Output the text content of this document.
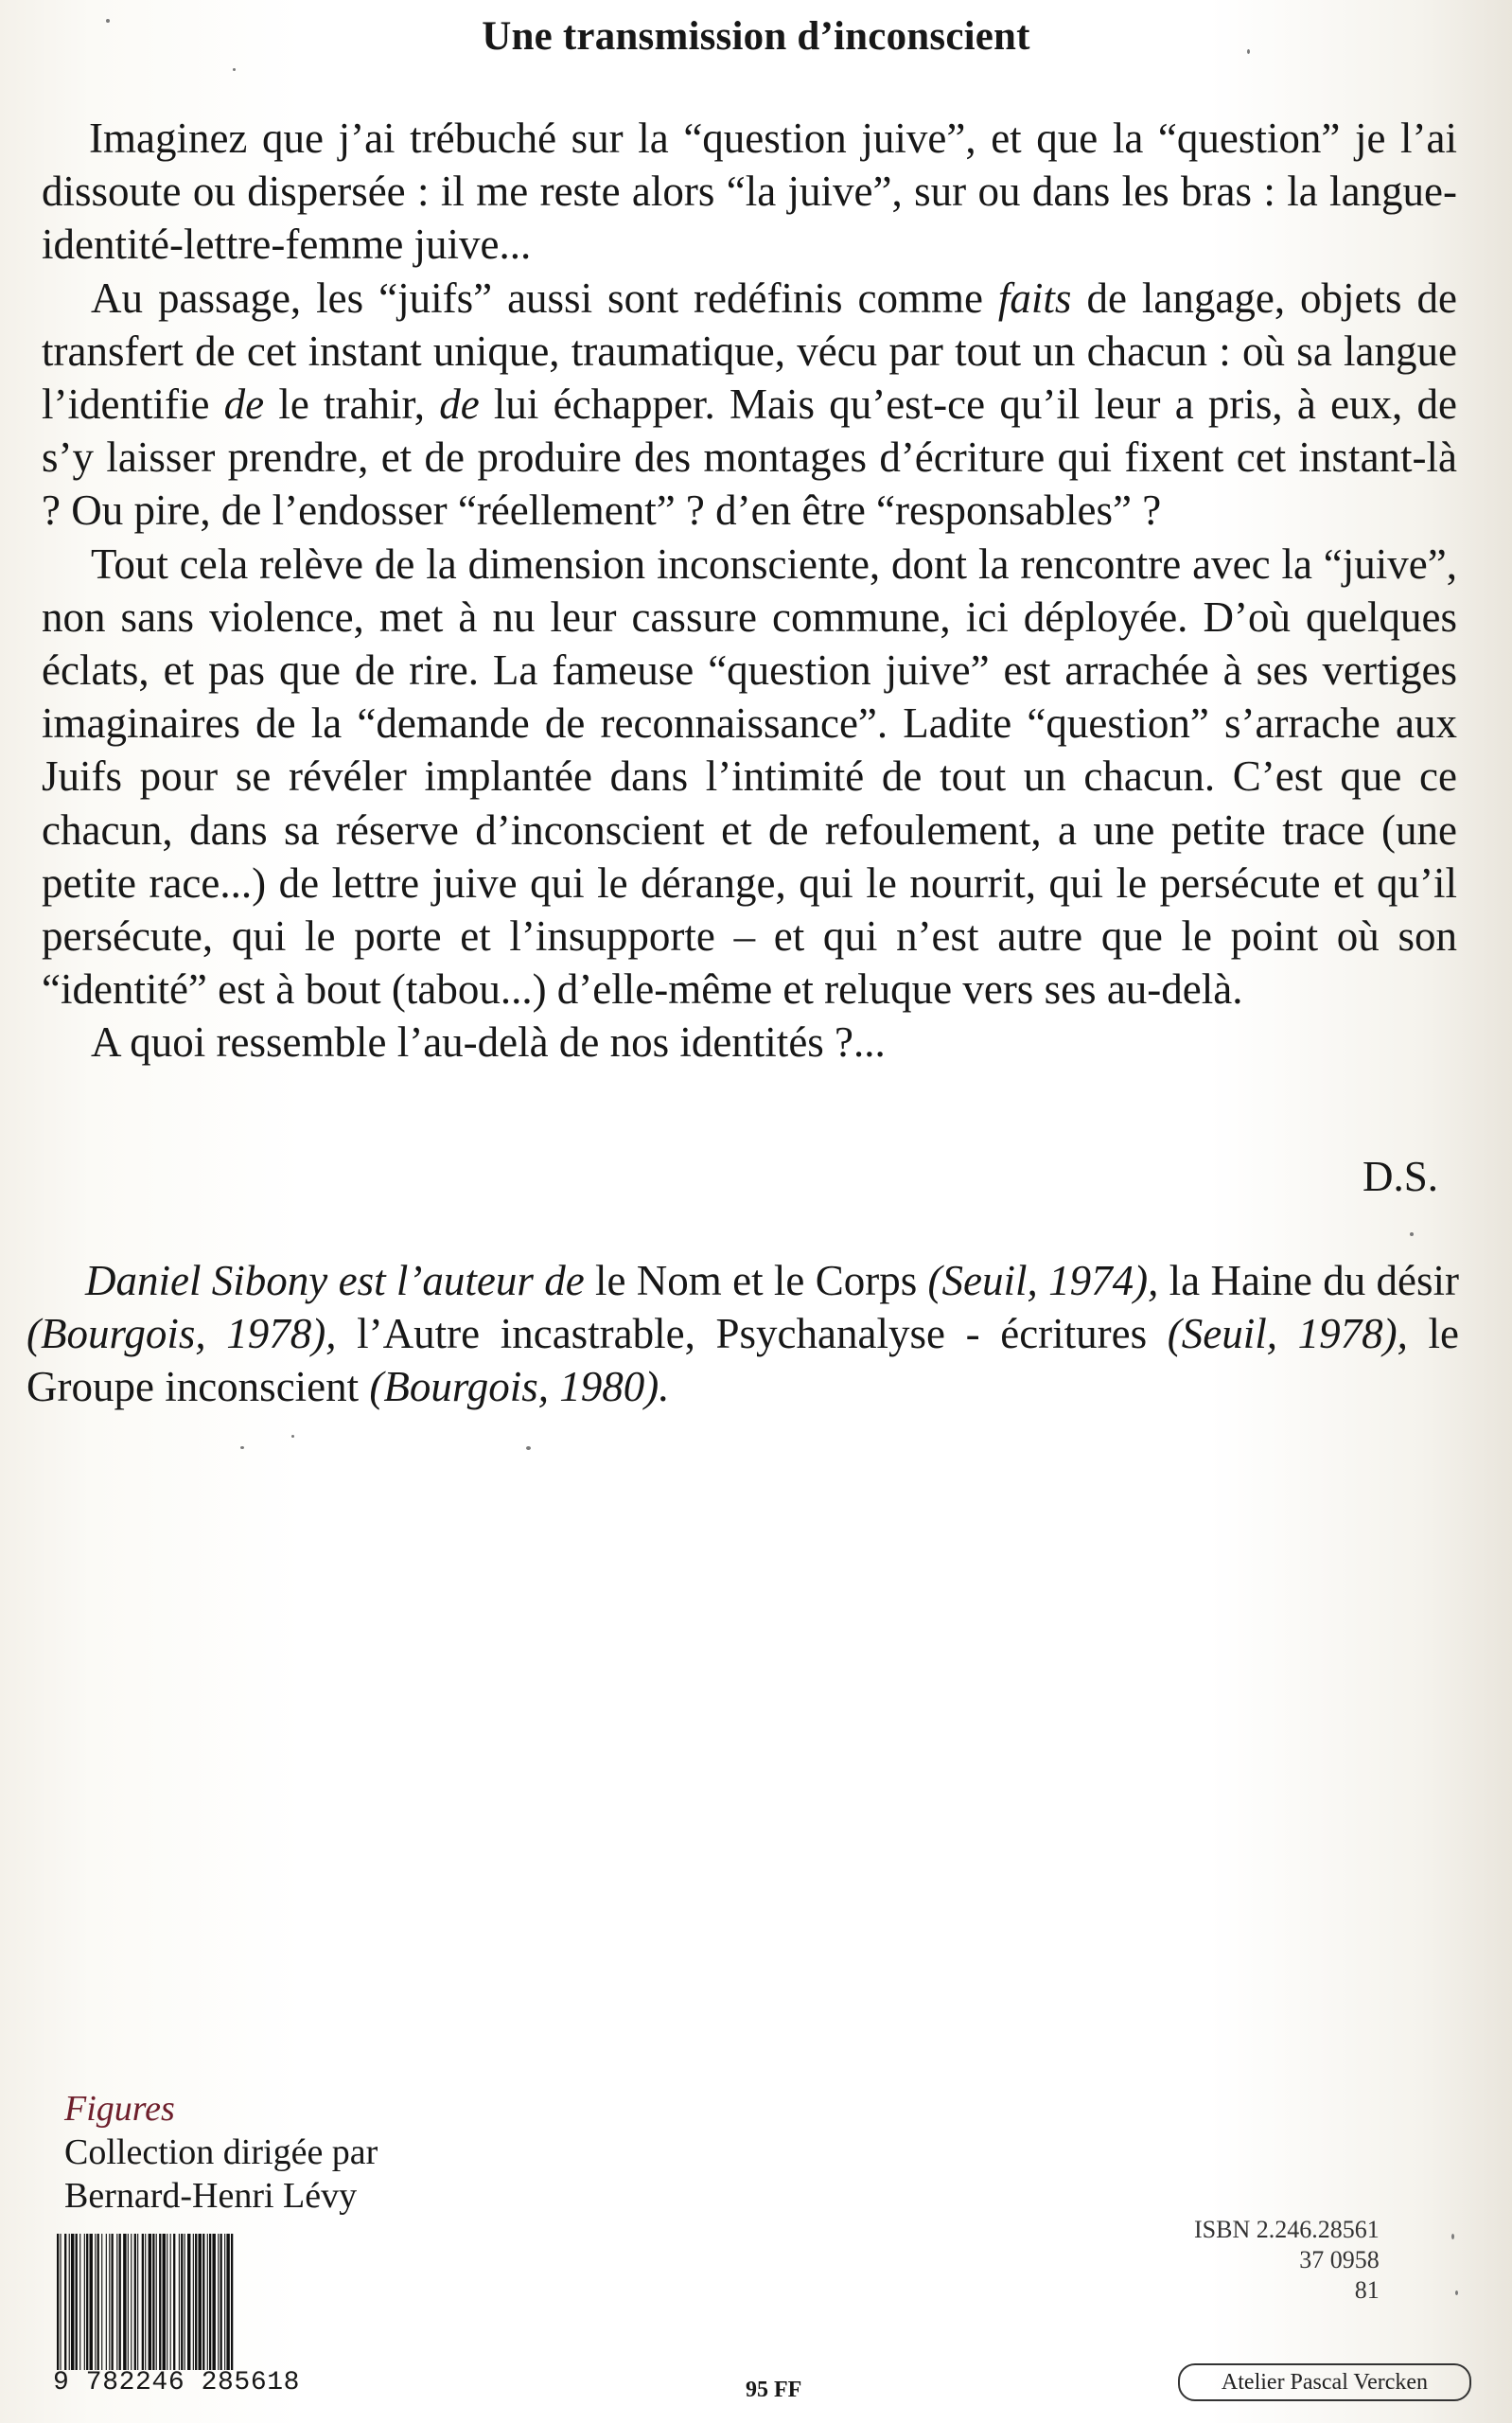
Une transmission d’inconscient

Imaginez que j’ai trébuché sur la “question juive”, et que la “question” je l’ai dissoute ou dispersée : il me reste alors “la juive”, sur ou dans les bras : la langue-identité-lettre-femme juive...

Au passage, les “juifs” aussi sont redéfinis comme faits de langage, objets de transfert de cet instant unique, traumatique, vécu par tout un chacun : où sa langue l’identifie de le trahir, de lui échapper. Mais qu’est-ce qu’il leur a pris, à eux, de s’y laisser prendre, et de produire des montages d’écriture qui fixent cet instant-là ? Ou pire, de l’endosser “réellement” ? d’en être “responsables” ?

Tout cela relève de la dimension inconsciente, dont la rencontre avec la “juive”, non sans violence, met à nu leur cassure commune, ici déployée. D’où quelques éclats, et pas que de rire. La fameuse “question juive” est arrachée à ses vertiges imaginaires de la “demande de reconnaissance”. Ladite “question” s’arrache aux Juifs pour se révéler implantée dans l’intimité de tout un chacun. C’est que ce chacun, dans sa réserve d’inconscient et de refoulement, a une petite trace (une petite race...) de lettre juive qui le dérange, qui le nourrit, qui le persécute et qu’il persécute, qui le porte et l’insupporte – et qui n’est autre que le point où son “identité” est à bout (tabou...) d’elle-même et reluque vers ses au-delà.

A quoi ressemble l’au-delà de nos identités ?...

D.S.

Daniel Sibony est l’auteur de le Nom et le Corps (Seuil, 1974), la Haine du désir (Bourgois, 1978), l’Autre incastrable, Psychanalyse - écritures (Seuil, 1978), le Groupe inconscient (Bourgois, 1980).

Figures
Collection dirigée par
Bernard-Henri Lévy
9 782246 285618	95 FF
ISBN 2.246.28561
37 0958
81
Atelier Pascal Vercken
